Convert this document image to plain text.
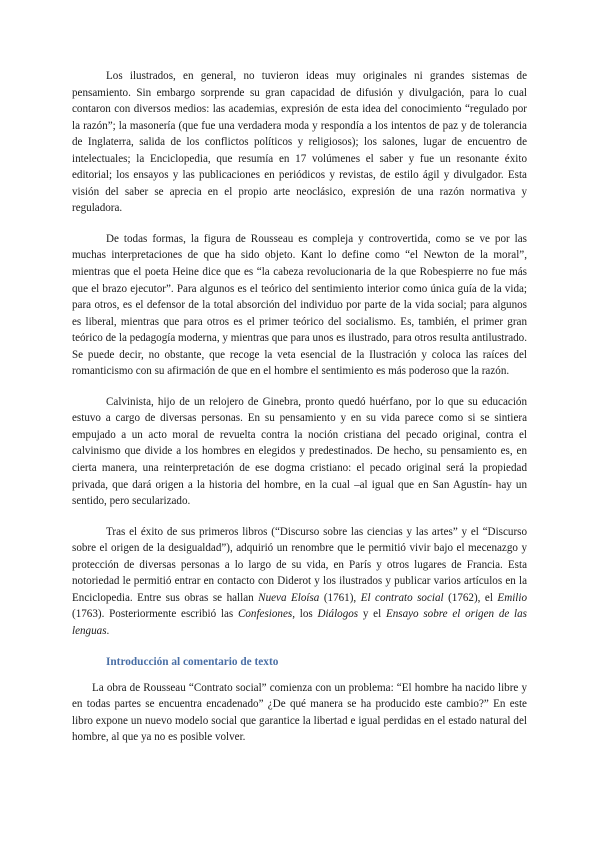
Los ilustrados, en general, no tuvieron ideas muy originales ni grandes sistemas de pensamiento. Sin embargo sorprende su gran capacidad de difusión y divulgación, para lo cual contaron con diversos medios: las academias, expresión de esta idea del conocimiento “regulado por la razón”; la masonería (que fue una verdadera moda y respondía a los intentos de paz y de tolerancia de Inglaterra, salida de los conflictos políticos y religiosos); los salones, lugar de encuentro de intelectuales; la Enciclopedia, que resumía en 17 volúmenes el saber y fue un resonante éxito editorial; los ensayos y las publicaciones en periódicos y revistas, de estilo ágil y divulgador. Esta visión del saber se aprecia en el propio arte neoclásico, expresión de una razón normativa y reguladora.

De todas formas, la figura de Rousseau es compleja y controvertida, como se ve por las muchas interpretaciones de que ha sido objeto. Kant lo define como “el Newton de la moral”, mientras que el poeta Heine dice que es “la cabeza revolucionaria de la que Robespierre no fue más que el brazo ejecutor”. Para algunos es el teórico del sentimiento interior como única guía de la vida; para otros, es el defensor de la total absorción del individuo por parte de la vida social; para algunos es liberal, mientras que para otros es el primer teórico del socialismo. Es, también, el primer gran teórico de la pedagogía moderna, y mientras que para unos es ilustrado, para otros resulta antilustrado. Se puede decir, no obstante, que recoge la veta esencial de la Ilustración y coloca las raíces del romanticismo con su afirmación de que en el hombre el sentimiento es más poderoso que la razón.

Calvinista, hijo de un relojero de Ginebra, pronto quedó huérfano, por lo que su educación estuvo a cargo de diversas personas. En su pensamiento y en su vida parece como si se sintiera empujado a un acto moral de revuelta contra la noción cristiana del pecado original, contra el calvinismo que divide a los hombres en elegidos y predestinados. De hecho, su pensamiento es, en cierta manera, una reinterpretación de ese dogma cristiano: el pecado original será la propiedad privada, que dará origen a la historia del hombre, en la cual –al igual que en San Agustín- hay un sentido, pero secularizado.

Tras el éxito de sus primeros libros (“Discurso sobre las ciencias y las artes” y el “Discurso sobre el origen de la desigualdad”), adquirió un renombre que le permitió vivir bajo el mecenazgo y protección de diversas personas a lo largo de su vida, en París y otros lugares de Francia. Esta notoriedad le permitió entrar en contacto con Diderot y los ilustrados y publicar varios artículos en la Enciclopedia. Entre sus obras se hallan Nueva Eloísa (1761), El contrato social (1762), el Emilio (1763). Posteriormente escribió las Confesiones, los Diálogos y el Ensayo sobre el origen de las lenguas.

Introducción al comentario de texto

La obra de Rousseau “Contrato social” comienza con un problema: “El hombre ha nacido libre y en todas partes se encuentra encadenado” ¿De qué manera se ha producido este cambio?” En este libro expone un nuevo modelo social que garantice la libertad e igual perdidas en el estado natural del hombre, al que ya no es posible volver.
